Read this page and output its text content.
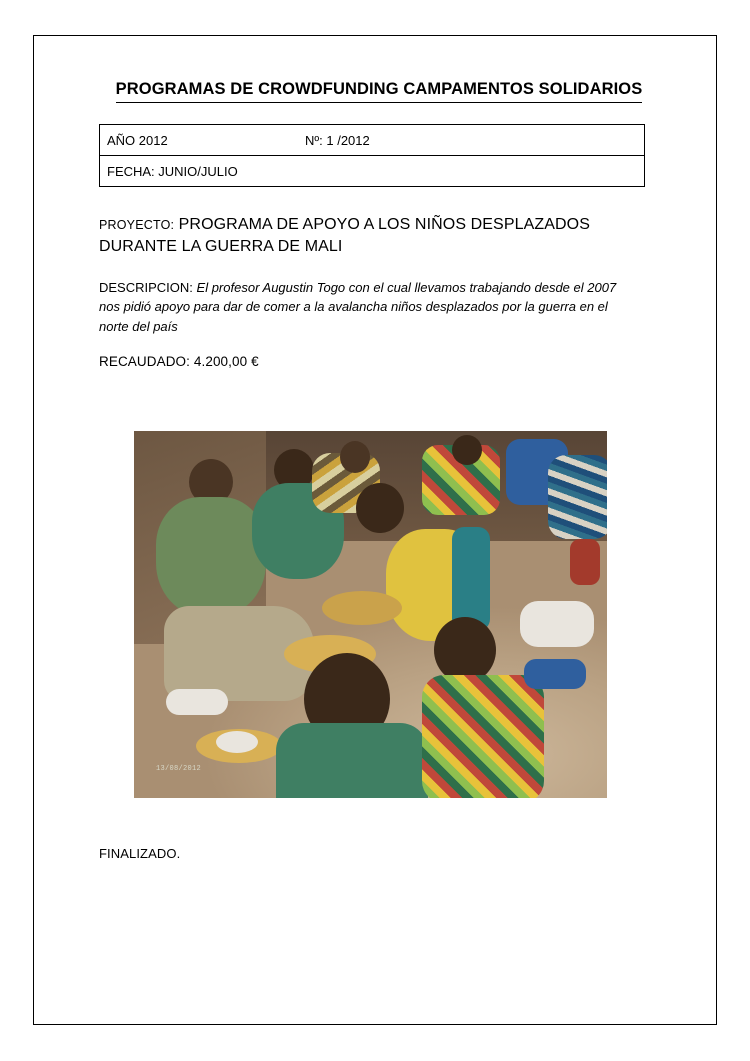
PROGRAMAS DE CROWDFUNDING CAMPAMENTOS SOLIDARIOS
AÑO 2012	Nº: 1 /2012
FECHA: JUNIO/JULIO
PROYECTO: PROGRAMA DE APOYO A LOS NIÑOS DESPLAZADOS DURANTE LA GUERRA DE MALI
DESCRIPCION: El profesor Augustin Togo con el cual llevamos trabajando desde el 2007 nos pidió apoyo para dar de comer a la avalancha niños desplazados por la guerra en el norte del país
RECAUDADO: 4.200,00 €
13/08/2012
FINALIZADO.
